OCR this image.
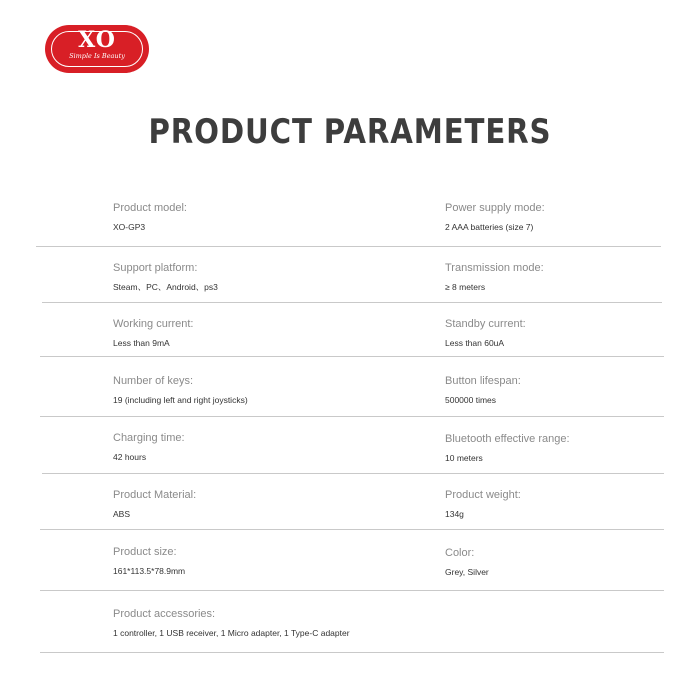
XO
Simple Is Beauty
PRODUCT PARAMETERS
Product model:
XO-GP3
Power supply mode:
2 AAA batteries (size 7)
Support platform:
Steam、PC、Android、ps3
Transmission mode:
≥ 8 meters
Working current:
Less than 9mA
Standby current:
Less than 60uA
Number of keys:
19 (including left and right joysticks)
Button lifespan:
500000 times
Charging time:
42 hours
Bluetooth effective range:
10 meters
Product Material:
ABS
Product weight:
134g
Product size:
161*113.5*78.9mm
Color:
Grey, Silver
Product accessories:
1 controller, 1 USB receiver, 1 Micro adapter, 1 Type-C adapter
